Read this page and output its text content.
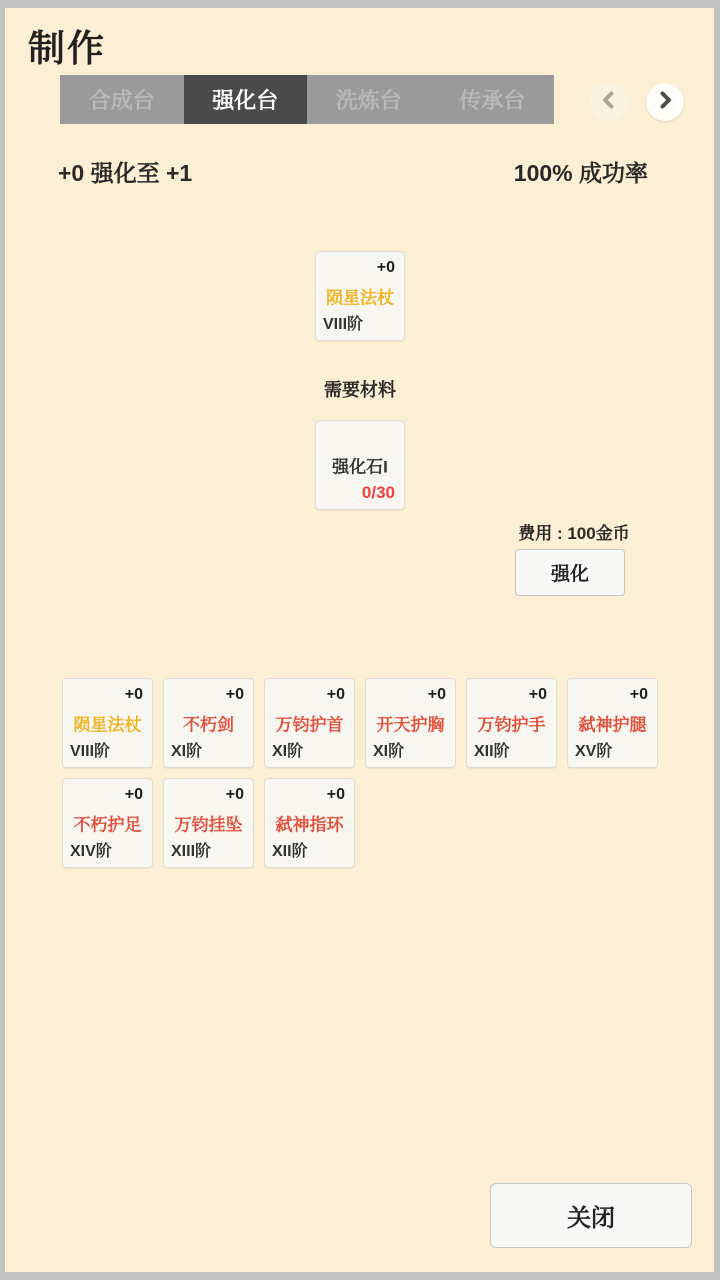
制作
合成台	强化台	洗炼台	传承台
+0 强化至 +1	100% 成功率
+0
陨星法杖
VIII阶
需要材料
强化石I
0/30
费用 : 100金币
强化
+0
陨星法杖
VIII阶
+0
不朽剑
XI阶
+0
万钧护首
XI阶
+0
开天护胸
XI阶
+0
万钧护手
XII阶
+0
弑神护腿
XV阶
+0
不朽护足
XIV阶
+0
万钧挂坠
XIII阶
+0
弑神指环
XII阶
关闭
